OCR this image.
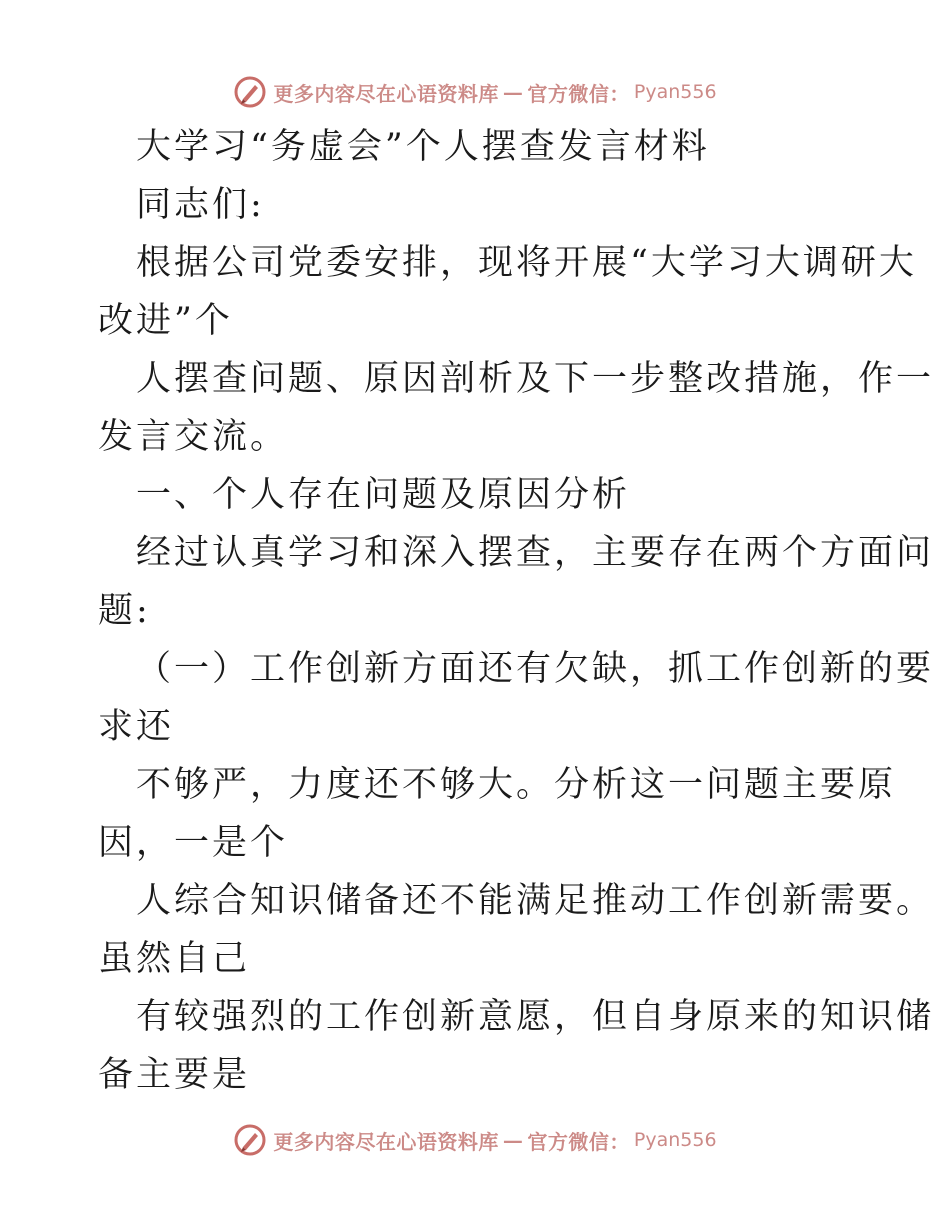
更多内容尽在心语资料库 — 官方微信： Pyan556
大学习“务虚会”个人摆查发言材料
同志们:
根据公司党委安排，现将开展“大学习大调研大
改进”个
人摆查问题、原因剖析及下一步整改措施，作一
发言交流。
一、个人存在问题及原因分析
经过认真学习和深入摆查，主要存在两个方面问
题:
（一）工作创新方面还有欠缺，抓工作创新的要
求还
不够严，力度还不够大。分析这一问题主要原
因，一是个
人综合知识储备还不能满足推动工作创新需要。
虽然自己
有较强烈的工作创新意愿，但自身原来的知识储
备主要是
更多内容尽在心语资料库 — 官方微信： Pyan556
